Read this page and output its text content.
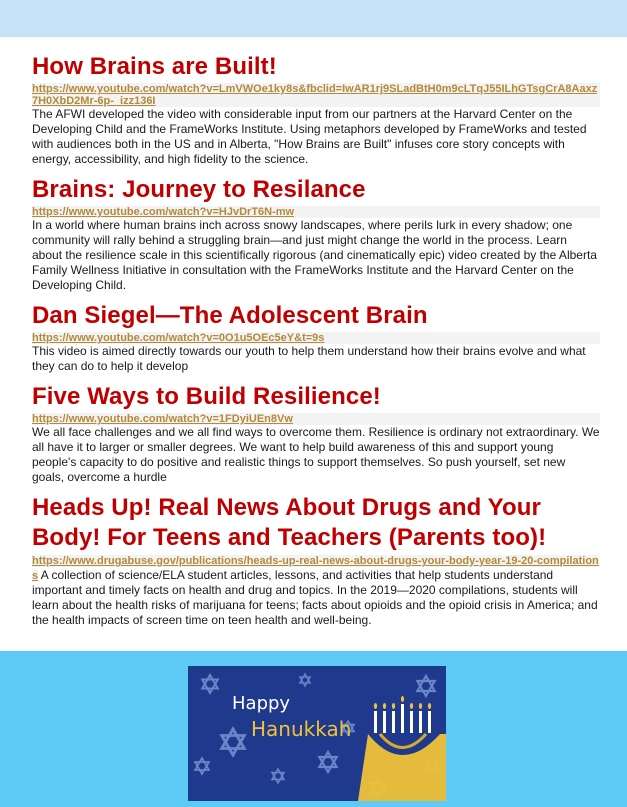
How Brains are Built!
https://www.youtube.com/watch?v=LmVWOe1ky8s&fbclid=IwAR1rj9SLadBtH0m9cLTqJ55ILhGTsgCrA8Aaxz7H0XbD2Mr-6p-_izz136I

The AFWI developed the video with considerable input from our partners at the Harvard Center on the Developing Child and the FrameWorks Institute. Using metaphors developed by FrameWorks and tested with audiences both in the US and in Alberta, "How Brains are Built" infuses core story concepts with energy, accessibility, and high fidelity to the science.

Brains: Journey to Resilance
https://www.youtube.com/watch?v=HJvDrT6N-mw

In a world where human brains inch across snowy landscapes, where perils lurk in every shadow; one community will rally behind a struggling brain—and just might change the world in the process. Learn about the resilience scale in this scientifically rigorous (and cinematically epic) video created by the Alberta Family Wellness Initiative in consultation with the FrameWorks Institute and the Harvard Center on the Developing Child.

Dan Siegel—The Adolescent Brain
https://www.youtube.com/watch?v=0O1u5OEc5eY&t=9s

This video is aimed directly towards our youth to help them understand how their brains evolve and what they can do to help it develop

Five Ways to Build Resilience!
https://www.youtube.com/watch?v=1FDyiUEn8Vw

We all face challenges and we all find ways to overcome them. Resilience is ordinary not extraordinary. We all have it to larger or smaller degrees. We want to help build awareness of this and support young people's capacity to do positive and realistic things to support themselves. So push yourself, set new goals, overcome a hurdle

Heads Up! Real News About Drugs and Your Body! For Teens and Teachers (Parents too)!

https://www.drugabuse.gov/publications/heads-up-real-news-about-drugs-your-body-year-19-20-compilations A collection of science/ELA student articles, lessons, and activities that help students understand important and timely facts on health and drug and topics. In the 2019—2020 compilations, students will learn about the health risks of marijuana for teens; facts about opioids and the opioid crisis in America; and the health impacts of screen time on teen health and well-being.

Happy
Hanukkah
